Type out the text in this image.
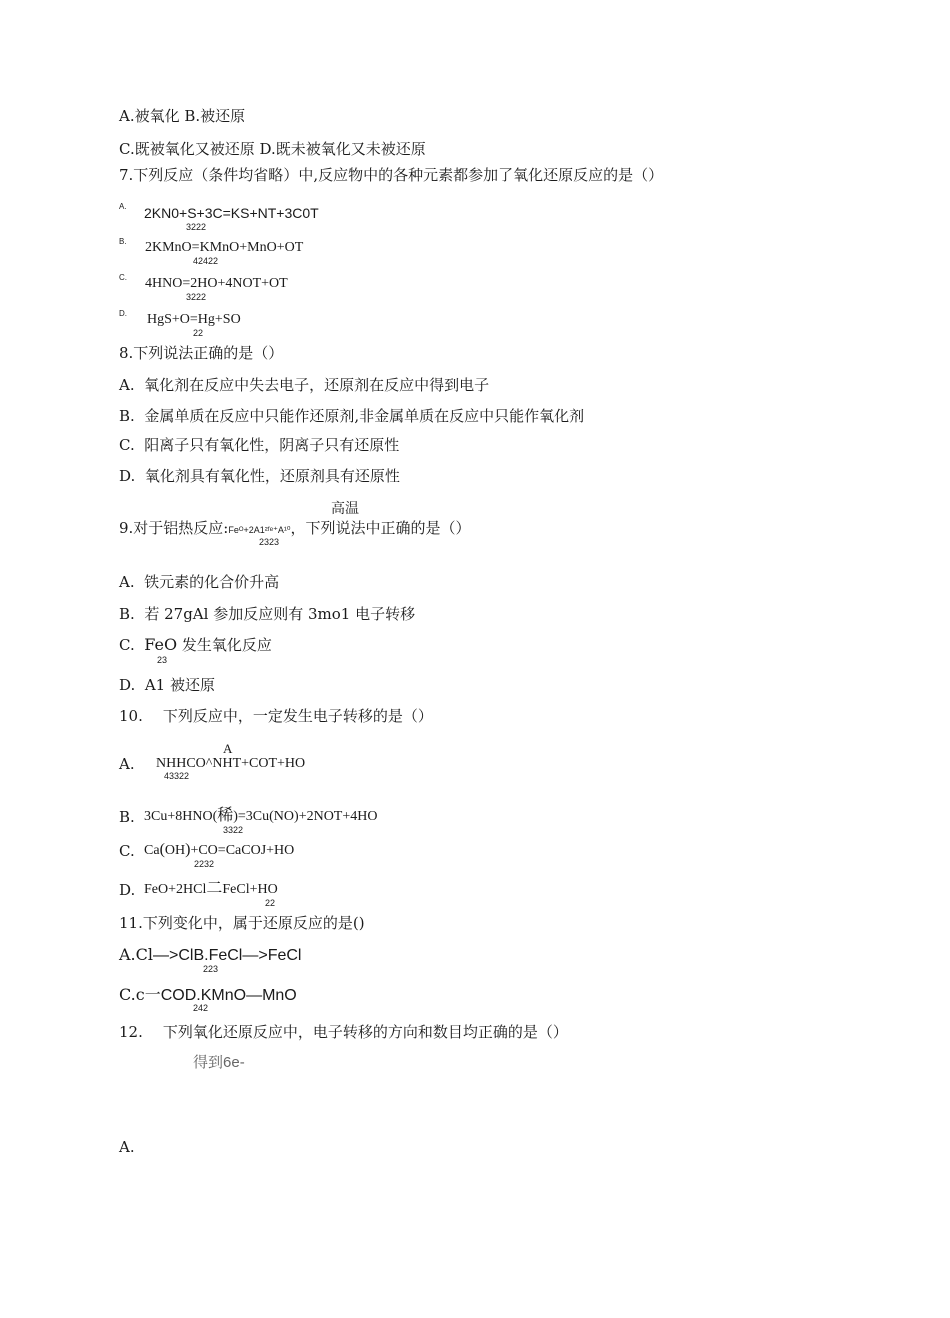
A.被氧化 B.被还原
C.既被氧化又被还原 D.既未被氧化又未被还原
7.下列反应（条件均省略）中,反应物中的各种元素都参加了氧化还原反应的是（）
A. 2KN0+S+3C=KS+NT+3C0T
3222
B. 2KMnO=KMnO+MnO+OT
42422
C. 4HNO=2HO+4NOT+OT
3222
D. HgS+O=Hg+SO
22
8.下列说法正确的是（）
A. 氧化剂在反应中失去电子，还原剂在反应中得到电子
B. 金属单质在反应中只能作还原剂,非金属单质在反应中只能作氧化剂
C. 阳离子只有氧化性，阴离子只有还原性
D. 氧化剂具有氧化性，还原剂具有还原性
高温
9.对于铝热反应:Feᴼ+2A1²ᶠᵉ⁺A¹⁰，下列说法中正确的是（）
2323
A. 铁元素的化合价升高
B. 若 27gAl 参加反应则有 3mo1 电子转移
C. FeO 发生氧化反应
23
D. A1 被还原
10. 下列反应中，一定发生电子转移的是（）
A
A. NHHCO^NHT+COT+HO
43322
B. 3Cu+8HNO(稀)=3Cu(NO)+2NOT+4HO
3322
C. Ca(OH)+CO=CaCOJ+HO
2232
D. FeO+2HCl二FeCl+HO
22
11.下列变化中，属于还原反应的是()
A.Cl—>ClB.FeCl—>FeCl
223
C.c一COD.KMnO—MnO
242
12. 下列氧化还原反应中，电子转移的方向和数目均正确的是（）
得到6e-
A.
